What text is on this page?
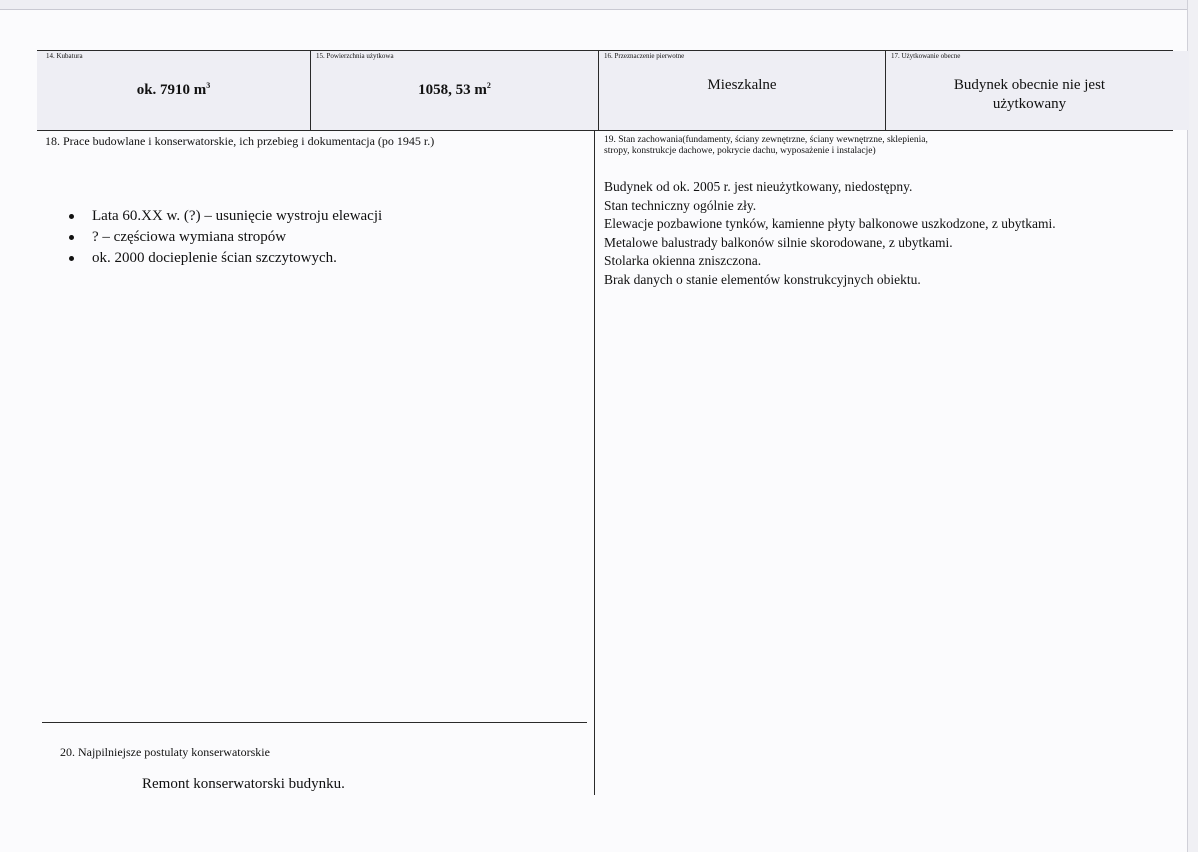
14. Kubatura
ok. 7910 $m^3$
15. Powierzchnia użytkowa
1058, 53 $m^2$
16. Przeznaczenie pierwotne
Mieszkalne
17. Użytkowanie obecne
Budynek obecnie nie jest
użytkowany
18. Prace budowlane i konserwatorskie, ich przebieg i dokumentacja (po 1945 r.)
Lata 60.XX w. (?) – usunięcie wystroju elewacji
? – częściowa wymiana stropów
ok. 2000 docieplenie ścian szczytowych.
19. Stan zachowania(fundamenty, ściany zewnętrzne, ściany wewnętrzne, sklepienia,
stropy, konstrukcje dachowe, pokrycie dachu, wyposażenie i instalacje)
Budynek od ok. 2005 r. jest nieużytkowany, niedostępny.
Stan techniczny ogólnie zły.
Elewacje pozbawione tynków, kamienne płyty balkonowe uszkodzone, z ubytkami.
Metalowe balustrady balkonów silnie skorodowane, z ubytkami.
Stolarka okienna zniszczona.
Brak danych o stanie elementów konstrukcyjnych obiektu.
20. Najpilniejsze postulaty konserwatorskie
Remont konserwatorski budynku.
